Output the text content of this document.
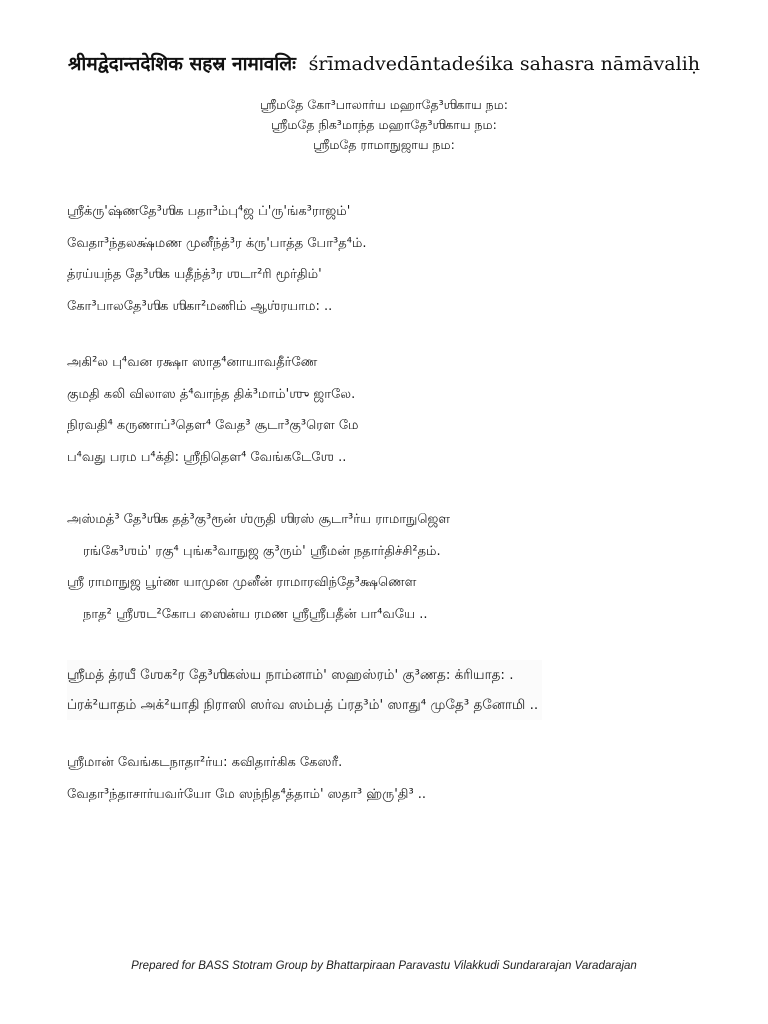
श्रीमद्वेदान्तदेशिक सहस्र नामावलिः śrīmadvedāntadeśika sahasra nāmāvaliḥ
ஶ்ரீமதே கோ³பாலார்ய மஹாதே³ஶிகாய நம꞉
ஶ்ரீமதே நிக³மாந்த மஹாதே³ஶிகாய நம꞉
ஶ்ரீமதே ராமாநுஜாய நம꞉
ஶ்ரீக்ரு'ஷ்ணதே³ஶிக பதா³ம்பு⁴ஜ ப்'ரு'ங்க³ராஜம்'
வேதா³ந்தலக்ஷ்மண முனீந்த்³ர க்ரு'பாத்த போ³த⁴ம்.
த்ரய்யந்த தே³ஶிக யதீந்த்³ர ஶடா²ரி மூர்திம்'
கோ³பாலதே³ஶிக ஶிகா²மணிம் ஆஶ்ரயாம꞉ ..
அகி²ல பு⁴வன ரக்ஷா ஸாத⁴னாயாவதீர்ணே
குமதி கலி விலாஸ த்⁴வாந்த திக்³மாம்'ஶு ஜாலே.
நிரவதி⁴ கருணாப்³தௌ⁴ வேத³ சூடா³கு³ரௌ மே
ப⁴வது பரம ப⁴க்தி꞉ ஶ்ரீநிதௌ⁴ வேங்கடேஶே ..
அஸ்மத்³ தே³ஶிக தத்³கு³ரூன் ஶ்ருதி ஶிரஸ் சூடா³ர்ய ராமாநுஜௌ
ரங்கே³ஶம்' ரகு⁴ புங்க³வாநுஜ கு³ரும்' ஶ்ரீமன் நதார்திச்சி²தம்.
ஶ்ரீ ராமாநுஜ பூர்ண யாமுன முனீன் ராமாரவிந்தே³க்ஷணௌ
நாத² ஶ்ரீஶட²கோப ஸைன்ய ரமண ஶ்ரீஶ்ரீபதீன் பா⁴வயே ..
ஶ்ரீமத் த்ரயீ ஶேக²ர தே³ஶிகஸ்ய நாம்னாம்' ஸஹஸ்ரம்' கு³ணத꞉ க்ரியாத꞉ .
ப்ரக்²யாதம் அக்²யாதி நிராஸி ஸர்வ ஸம்பத் ப்ரத³ம்' ஸாது⁴ முதே³ தனோமி ..
ஶ்ரீமான் வேங்கடநாதா²ர்ய꞉ கவிதார்கிக கேஸரீ.
வேதா³ந்தாசார்யவர்யோ மே ஸந்நித⁴த்தாம்' ஸதா³ ஹ்ரு'தி³ ..
Prepared for BASS Stotram Group by Bhattarpiraan Paravastu Vilakkudi Sundararajan Varadarajan
